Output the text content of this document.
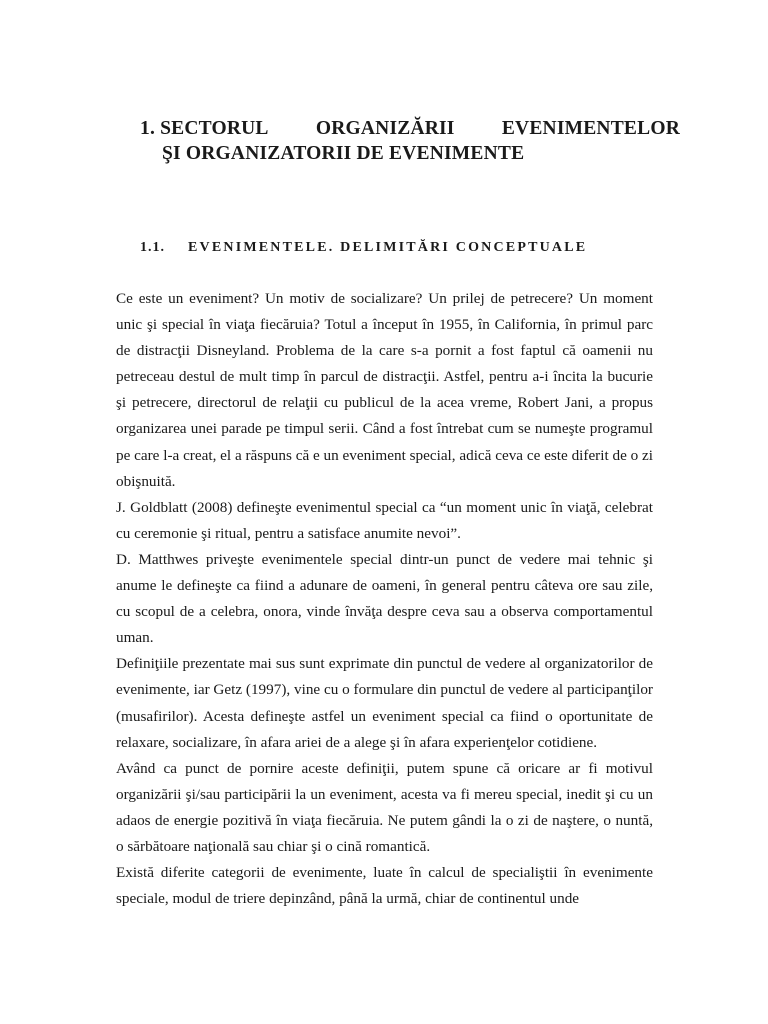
1. SECTORUL ORGANIZĂRII EVENIMENTELOR
ŞI ORGANIZATORII DE EVENIMENTE
1.1.	EVENIMENTELE. DELIMITĂRI CONCEPTUALE

Ce este un eveniment? Un motiv de socializare? Un prilej de petrecere? Un moment unic şi special în viaţa fiecăruia? Totul a început în 1955, în California, în primul parc de distracţii Disneyland. Problema de la care s-a pornit a fost faptul că oamenii nu petreceau destul de mult timp în parcul de distracţii. Astfel, pentru a-i încita la bucurie şi petrecere, directorul de relaţii cu publicul de la acea vreme, Robert Jani, a propus organizarea unei parade pe timpul serii. Când a fost întrebat cum se numeşte programul pe care l-a creat, el a răspuns că e un eveniment special, adică ceva ce este diferit de o zi obişnuită.

J. Goldblatt (2008) defineşte evenimentul special ca “un moment unic în viaţă, celebrat cu ceremonie şi ritual, pentru a satisface anumite nevoi”.

D. Matthwes priveşte evenimentele special dintr-un punct de vedere mai tehnic şi anume le defineşte ca fiind a adunare de oameni, în general pentru câteva ore sau zile, cu scopul de a celebra, onora, vinde învăţa despre ceva sau a observa comportamentul uman.

Definiţiile prezentate mai sus sunt exprimate din punctul de vedere al organizatorilor de evenimente, iar Getz (1997), vine cu o formulare din punctul de vedere al participanţilor (musafirilor). Acesta defineşte astfel un eveniment special ca fiind o oportunitate de relaxare, socializare, în afara ariei de a alege şi în afara experienţelor cotidiene.

Având ca punct de pornire aceste definiţii, putem spune că oricare ar fi motivul organizării şi/sau participării la un eveniment, acesta va fi mereu special, inedit şi cu un adaos de energie pozitivă în viaţa fiecăruia. Ne putem gândi la o zi de naştere, o nuntă, o sărbătoare naţională sau chiar şi o cină romantică.

Există diferite categorii de evenimente, luate în calcul de specialiştii în evenimente speciale, modul de triere depinzând, până la urmă, chiar de continentul unde
